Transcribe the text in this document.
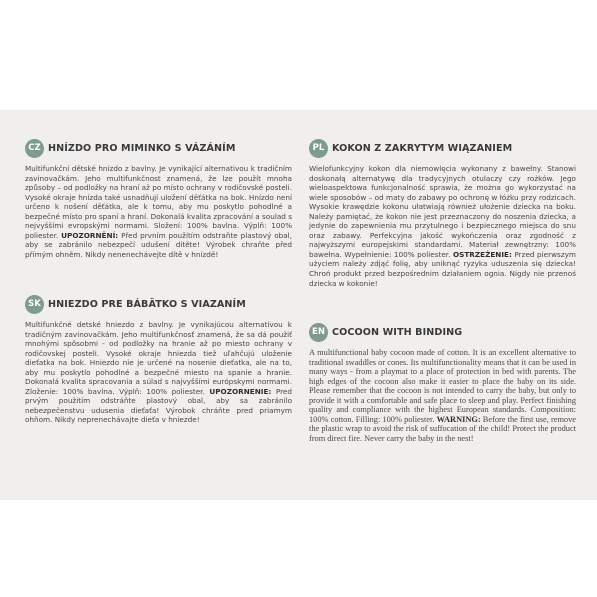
CZ HNÍZDO PRO MIMINKO S VÁZÁNÍM
Multifunkční dětské hnízdo z bavlny. Je vynikající alternativou k tradičním zavinovačkám. Jeho multifunkčnost znamená, že lze použít mnoha způsoby – od podložky na hraní až po místo ochrany v rodičovské posteli. Vysoké okraje hnízda také usnadňují uložení děťátka na bok. Hnízdo není určeno k nošení děťátka, ale k tomu, aby mu poskytlo pohodlné a bezpečné místo pro spaní a hraní. Dokonalá kvalita zpracování a soulad s nejvyššími evropskými normami. Složení: 100% bavlna. Výplň: 100% poliester. UPOZORNĚNÍ: Před prvním použitím odstraňte plastový obal, aby se zabránilo nebezpečí udušení dítěte! Výrobek chraňte před přímým ohněm. Nikdy nenenechávejte dítě v hnízdě!
SK HNIEZDO PRE BÁBÄTKO S VIAZANÍM
Multifunkčné detské hniezdo z bavlny. Je vynikajúcou alternatívou k tradičným zavinovačkám. Jeho multifunkčnosť znamená, že sa dá použiť mnohými spôsobmi - od podložky na hranie až po miesto ochrany v rodičovskej posteli. Vysoké okraje hniezda tiež uľahčujú uloženie dieťatka na bok. Hniezdo nie je určené na nosenie dieťatka, ale na to, aby mu poskytlo pohodlné a bezpečné miesto na spanie a hranie. Dokonalá kvalita spracovania a súlad s najvyššími európskymi normami. Zloženie: 100% bavlna. Výplň: 100% poliester. UPOZORNENIE: Pred prvým použitím odstráňte plastový obal, aby sa zabránilo nebezpečenstvu udusenia dieťaťa! Výrobok chráňte pred priamym ohňom. Nikdy neprenechávajte dieťa v hniezde!
PL KOKON Z ZAKRYTYM WIĄZANIEM
Wielofunkcyjny kokon dla niemowlęcia wykonany z bawełny. Stanowi doskonałą alternatywę dla tradycyjnych otulaczy czy rożków. Jego wieloaspektowa funkcjonalność sprawia, że można go wykorzystać na wiele sposobów – od maty do zabawy po ochronę w łóżku przy rodzicach. Wysokie krawędzie kokonu ułatwiają również ułożenie dziecka na boku. Należy pamiętać, że kokon nie jest przeznaczony do noszenia dziecka, a jedynie do zapewnienia mu przytulnego i bezpiecznego miejsca do snu oraz zabawy. Perfekcyjna jakość wykończenia oraz zgodność z najwyższymi europejskimi standardami. Materiał zewnętrzny: 100% bawełna. Wypełnienie: 100% poliester. OSTRZEŻENIE: Przed pierwszym użyciem należy zdjąć folię, aby uniknąć ryzyka uduszenia się dziecka! Chroń produkt przed bezpośrednim działaniem ognia. Nigdy nie przenoś dziecka w kokonie!
EN COCOON WITH BINDING
A multifunctional baby cocoon made of cotton. It is an excellent alternative to traditional swaddles or cones. Its multifunctionality means that it can be used in many ways - from a playmat to a place of protection in bed with parents. The high edges of the cocoon also make it easier to place the baby on its side. Please remember that the cocoon is not intended to carry the baby, but only to provide it with a comfortable and safe place to sleep and play. Perfect finishing quality and compliance with the highest European standards. Composition: 100% cotton. Filling: 100% poliester. WARNING: Before the first use, remove the plastic wrap to avoid the risk of suffocation of the child! Protect the product from direct fire. Never carry the baby in the nest!
